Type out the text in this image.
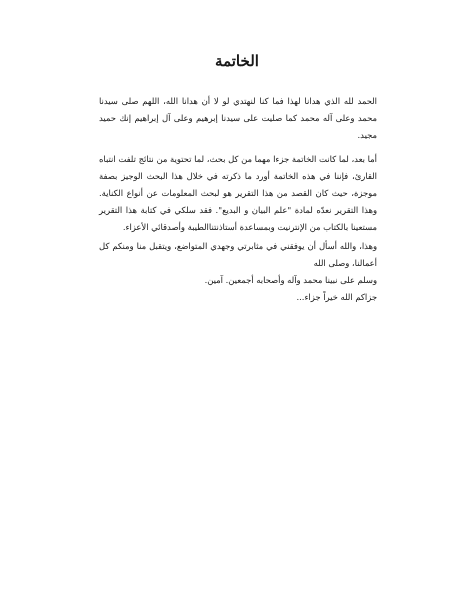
الخاتمة

الحمد لله الذي هدانا لهذا فما كنا لنهتدي لو لا أن هدانا الله، اللهم صلى سيدنا محمد وعلى آله محمد كما صليت على سيدنا إبرهيم وعلى آل إبراهيم إنك حميد مجيد.

أما بعد، لما كانت الخاتمة جزءا مهما من كل بحث، لما تحتوية من نتائج تلفت انتباه القارئ، فإننا في هذه الخاتمة أورد ما ذكرته في خلال هذا البحث الوجيز بصفة موجزة، حيث كان القصد من هذا التقرير هو لبحث المعلومات عن أنواع الكناية. وهذا التقرير نعدّه لمادة "علم البيان و البديع". فقد سلكي في كتابة هذا التقرير مستعينا بالكتاب من الإنترنيت وبمساعدة أستاذنتناالطيبة وأصدقائي الأعزاء.

وهذا، والله أسأل أن يوفقني في مثابرتي وجهدي المتواضع، ويتقبل منا ومنكم كل أعمالنا، وصلى الله
وسلم على نبينا محمد وآله وأصحابه أجمعين. آمين.
جزاكم الله خيراً جزاء...
